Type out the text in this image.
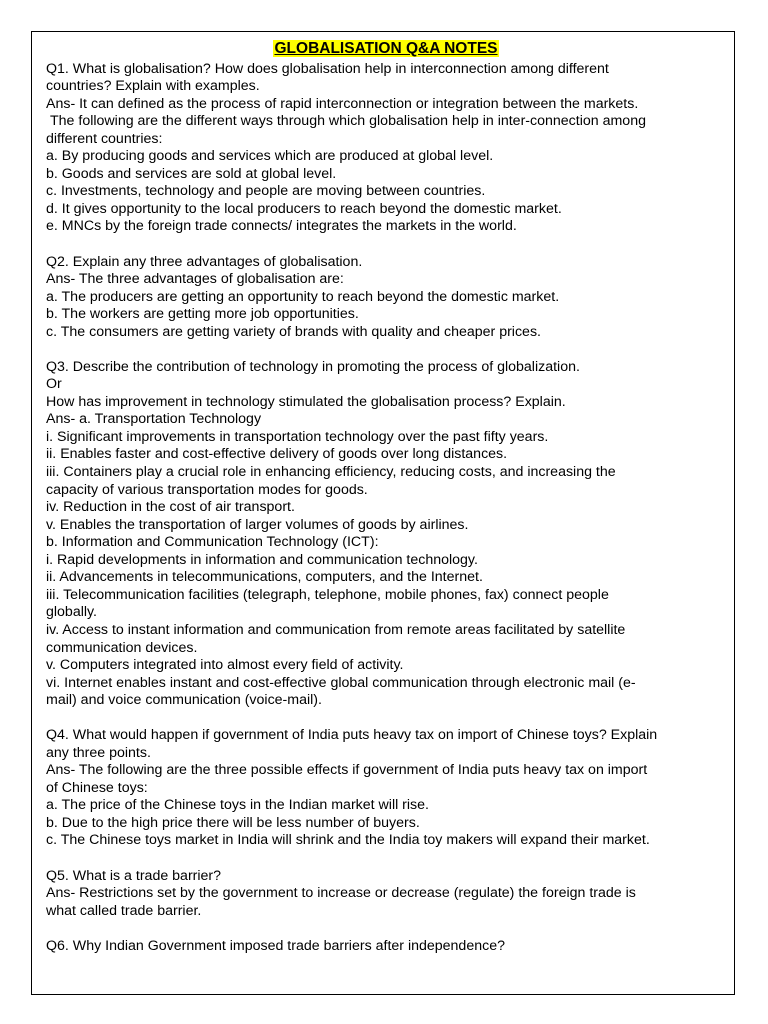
GLOBALISATION Q&A NOTES
Q1. What is globalisation? How does globalisation help in interconnection among different
countries? Explain with examples.
Ans- It can defined as the process of rapid interconnection or integration between the markets.
The following are the different ways through which globalisation help in inter-connection among
different countries:
a. By producing goods and services which are produced at global level.
b. Goods and services are sold at global level.
c. Investments, technology and people are moving between countries.
d. It gives opportunity to the local producers to reach beyond the domestic market.
e. MNCs by the foreign trade connects/ integrates the markets in the world.
Q2. Explain any three advantages of globalisation.
Ans- The three advantages of globalisation are:
a. The producers are getting an opportunity to reach beyond the domestic market.
b. The workers are getting more job opportunities.
c. The consumers are getting variety of brands with quality and cheaper prices.
Q3. Describe the contribution of technology in promoting the process of globalization.
Or
How has improvement in technology stimulated the globalisation process? Explain.
Ans- a. Transportation Technology
i. Significant improvements in transportation technology over the past fifty years.
ii. Enables faster and cost-effective delivery of goods over long distances.
iii. Containers play a crucial role in enhancing efficiency, reducing costs, and increasing the
capacity of various transportation modes for goods.
iv. Reduction in the cost of air transport.
v. Enables the transportation of larger volumes of goods by airlines.
b. Information and Communication Technology (ICT):
i. Rapid developments in information and communication technology.
ii. Advancements in telecommunications, computers, and the Internet.
iii. Telecommunication facilities (telegraph, telephone, mobile phones, fax) connect people
globally.
iv. Access to instant information and communication from remote areas facilitated by satellite
communication devices.
v. Computers integrated into almost every field of activity.
vi. Internet enables instant and cost-effective global communication through electronic mail (e-
mail) and voice communication (voice-mail).
Q4. What would happen if government of India puts heavy tax on import of Chinese toys? Explain
any three points.
Ans- The following are the three possible effects if government of India puts heavy tax on import
of Chinese toys:
a. The price of the Chinese toys in the Indian market will rise.
b. Due to the high price there will be less number of buyers.
c. The Chinese toys market in India will shrink and the India toy makers will expand their market.
Q5. What is a trade barrier?
Ans- Restrictions set by the government to increase or decrease (regulate) the foreign trade is
what called trade barrier.
Q6. Why Indian Government imposed trade barriers after independence?
